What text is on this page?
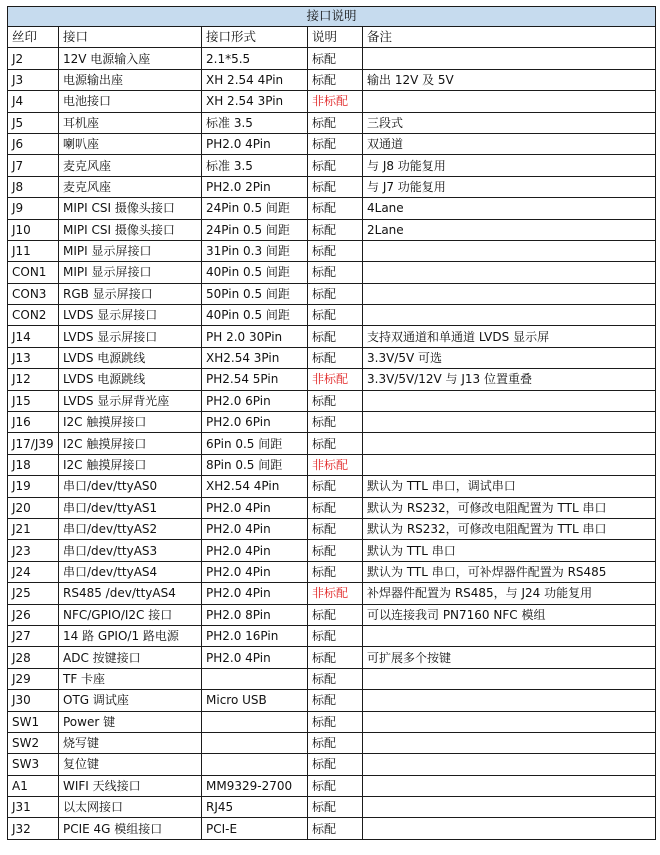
接口说明				
丝印	接口	接口形式	说明	备注
J2	12V 电源输入座	2.1*5.5	标配	
J3	电源输出座	XH 2.54 4Pin	标配	输出 12V 及 5V
J4	电池接口	XH 2.54 3Pin	非标配	
J5	耳机座	标准 3.5	标配	三段式
J6	喇叭座	PH2.0 4Pin	标配	双通道
J7	麦克风座	标准 3.5	标配	与 J8 功能复用
J8	麦克风座	PH2.0 2Pin	标配	与 J7 功能复用
J9	MIPI CSI 摄像头接口	24Pin 0.5 间距	标配	4Lane
J10	MIPI CSI 摄像头接口	24Pin 0.5 间距	标配	2Lane
J11	MIPI 显示屏接口	31Pin 0.3 间距	标配	
CON1	MIPI 显示屏接口	40Pin 0.5 间距	标配	
CON3	RGB 显示屏接口	50Pin 0.5 间距	标配	
CON2	LVDS 显示屏接口	40Pin 0.5 间距	标配	
J14	LVDS 显示屏接口	PH 2.0 30Pin	标配	支持双通道和单通道 LVDS 显示屏
J13	LVDS 电源跳线	XH2.54 3Pin	标配	3.3V/5V 可选
J12	LVDS 电源跳线	PH2.54 5Pin	非标配	3.3V/5V/12V 与 J13 位置重叠
J15	LVDS 显示屏背光座	PH2.0 6Pin	标配	
J16	I2C 触摸屏接口	PH2.0 6Pin	标配	
J17/J39	I2C 触摸屏接口	6Pin 0.5 间距	标配	
J18	I2C 触摸屏接口	8Pin 0.5 间距	非标配	
J19	串口/dev/ttyAS0	XH2.54 4Pin	标配	默认为 TTL 串口，调试串口
J20	串口/dev/ttyAS1	PH2.0 4Pin	标配	默认为 RS232，可修改电阻配置为 TTL 串口
J21	串口/dev/ttyAS2	PH2.0 4Pin	标配	默认为 RS232，可修改电阻配置为 TTL 串口
J23	串口/dev/ttyAS3	PH2.0 4Pin	标配	默认为 TTL 串口
J24	串口/dev/ttyAS4	PH2.0 4Pin	标配	默认为 TTL 串口，可补焊器件配置为 RS485
J25	RS485 /dev/ttyAS4	PH2.0 4Pin	非标配	补焊器件配置为 RS485，与 J24 功能复用
J26	NFC/GPIO/I2C 接口	PH2.0 8Pin	标配	可以连接我司 PN7160 NFC 模组
J27	14 路 GPIO/1 路电源	PH2.0 16Pin	标配	
J28	ADC 按键接口	PH2.0 4Pin	标配	可扩展多个按键
J29	TF 卡座		标配	
J30	OTG 调试座	Micro USB	标配	
SW1	Power 键		标配	
SW2	烧写键		标配	
SW3	复位键		标配	
A1	WIFI 天线接口	MM9329-2700	标配	
J31	以太网接口	RJ45	标配	
J32	PCIE 4G 模组接口	PCI-E	标配	
